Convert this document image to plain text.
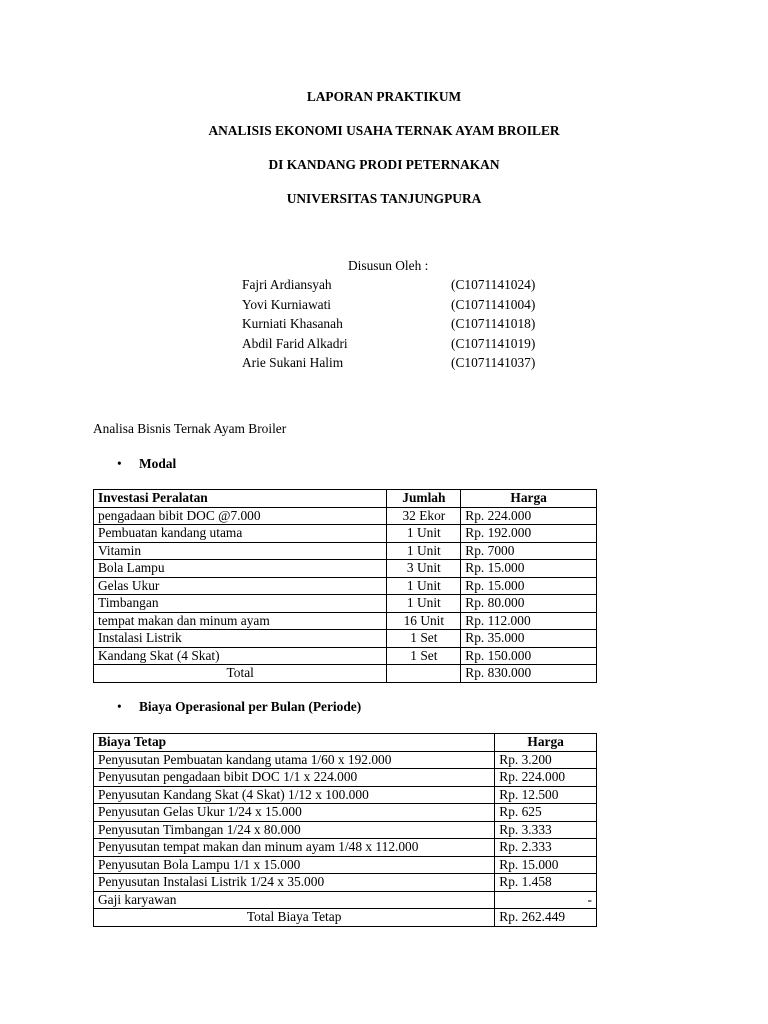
LAPORAN PRAKTIKUM
ANALISIS EKONOMI USAHA TERNAK AYAM BROILER
DI KANDANG PRODI PETERNAKAN
UNIVERSITAS TANJUNGPURA
Disusun Oleh :
Fajri Ardiansyah	(C1071141024)
Yovi Kurniawati	(C1071141004)
Kurniati Khasanah	(C1071141018)
Abdil Farid Alkadri	(C1071141019)
Arie Sukani Halim	(C1071141037)
Analisa Bisnis Ternak Ayam Broiler
• Modal
Investasi Peralatan	Jumlah	Harga
pengadaan bibit DOC @7.000	32 Ekor	Rp. 224.000
Pembuatan kandang utama	1 Unit	Rp. 192.000
Vitamin	1 Unit	Rp. 7000
Bola Lampu	3 Unit	Rp. 15.000
Gelas Ukur	1 Unit	Rp. 15.000
Timbangan	1 Unit	Rp. 80.000
tempat makan dan minum ayam	16 Unit	Rp. 112.000
Instalasi Listrik	1 Set	Rp. 35.000
Kandang Skat (4 Skat)	1 Set	Rp. 150.000
Total		Rp. 830.000
• Biaya Operasional per Bulan (Periode)
Biaya Tetap	Harga
Penyusutan Pembuatan kandang utama 1/60 x 192.000	Rp. 3.200
Penyusutan pengadaan bibit DOC 1/1 x 224.000	Rp. 224.000
Penyusutan Kandang Skat (4 Skat) 1/12 x 100.000	Rp. 12.500
Penyusutan Gelas Ukur 1/24 x 15.000	Rp. 625
Penyusutan Timbangan 1/24 x 80.000	Rp. 3.333
Penyusutan tempat makan dan minum ayam 1/48 x 112.000	Rp. 2.333
Penyusutan Bola Lampu 1/1 x 15.000	Rp. 15.000
Penyusutan Instalasi Listrik 1/24 x 35.000	Rp. 1.458
Gaji karyawan	-
Total Biaya Tetap	Rp. 262.449
